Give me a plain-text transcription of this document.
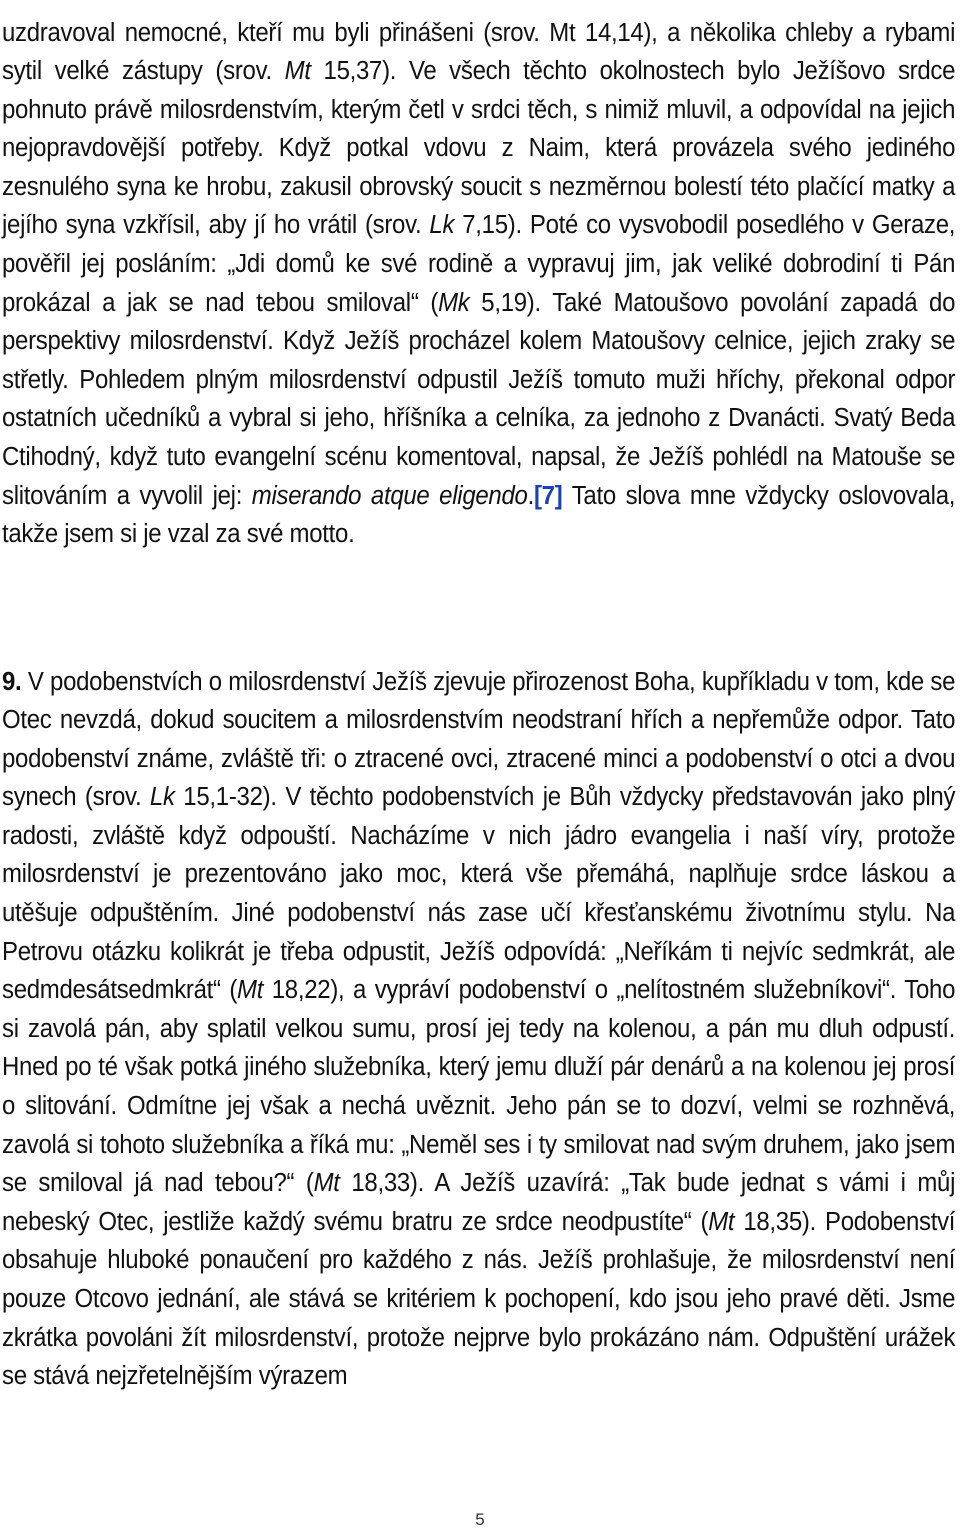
uzdravoval nemocné, kteří mu byli přinášeni (srov. Mt 14,14), a několika chleby a rybami sytil velké zástupy (srov. Mt 15,37). Ve všech těchto okolnostech bylo Ježíšovo srdce pohnuto právě milosrdenstvím, kterým četl v srdci těch, s nimiž mluvil, a odpovídal na jejich nejopravdovější potřeby. Když potkal vdovu z Naim, která provázela svého jediného zesnulého syna ke hrobu, zakusil obrovský soucit s nezměrnou bolestí této plačící matky a jejího syna vzkřísil, aby jí ho vrátil (srov. Lk 7,15). Poté co vysvobodil posedlého v Geraze, pověřil jej posláním: „Jdi domů ke své rodině a vypravuj jim, jak veliké dobrodiní ti Pán prokázal a jak se nad tebou smiloval“ (Mk 5,19). Také Matoušovo povolání zapadá do perspektivy milosrdenství. Když Ježíš procházel kolem Matoušovy celnice, jejich zraky se střetly. Pohledem plným milosrdenství odpustil Ježíš tomuto muži hříchy, překonal odpor ostatních učedníků a vybral si jeho, hříšníka a celníka, za jednoho z Dvanácti. Svatý Beda Ctihodný, když tuto evangelní scénu komentoval, napsal, že Ježíš pohlédl na Matouše se slitováním a vyvolil jej: miserando atque eligendo.[7] Tato slova mne vždycky oslovovala, takže jsem si je vzal za své motto.

9. V podobenstvích o milosrdenství Ježíš zjevuje přirozenost Boha, kupříkladu v tom, kde se Otec nevzdá, dokud soucitem a milosrdenstvím neodstraní hřích a nepřemůže odpor. Tato podobenství známe, zvláště tři: o ztracené ovci, ztracené minci a podobenství o otci a dvou synech (srov. Lk 15,1-32). V těchto podobenstvích je Bůh vždycky představován jako plný radosti, zvláště když odpouští. Nacházíme v nich jádro evangelia i naší víry, protože milosrdenství je prezentováno jako moc, která vše přemáhá, naplňuje srdce láskou a utěšuje odpuštěním. Jiné podobenství nás zase učí křesťanskému životnímu stylu. Na Petrovu otázku kolikrát je třeba odpustit, Ježíš odpovídá: „Neříkám ti nejvíc sedmkrát, ale sedmdesátsedmkrát“ (Mt 18,22), a vypráví podobenství o „nelítostném služebníkovi“. Toho si zavolá pán, aby splatil velkou sumu, prosí jej tedy na kolenou, a pán mu dluh odpustí. Hned po té však potká jiného služebníka, který jemu dluží pár denárů a na kolenou jej prosí o slitování. Odmítne jej však a nechá uvěznit. Jeho pán se to dozví, velmi se rozhněvá, zavolá si tohoto služebníka a říká mu: „Neměl ses i ty smilovat nad svým druhem, jako jsem se smiloval já nad tebou?“ (Mt 18,33). A Ježíš uzavírá: „Tak bude jednat s vámi i můj nebeský Otec, jestliže každý svému bratru ze srdce neodpustíte“ (Mt 18,35). Podobenství obsahuje hluboké ponaučení pro každého z nás. Ježíš prohlašuje, že milosrdenství není pouze Otcovo jednání, ale stává se kritériem k pochopení, kdo jsou jeho pravé děti. Jsme zkrátka povoláni žít milosrdenství, protože nejprve bylo prokázáno nám. Odpuštění urážek se stává nejzřetelnějším výrazem

5
